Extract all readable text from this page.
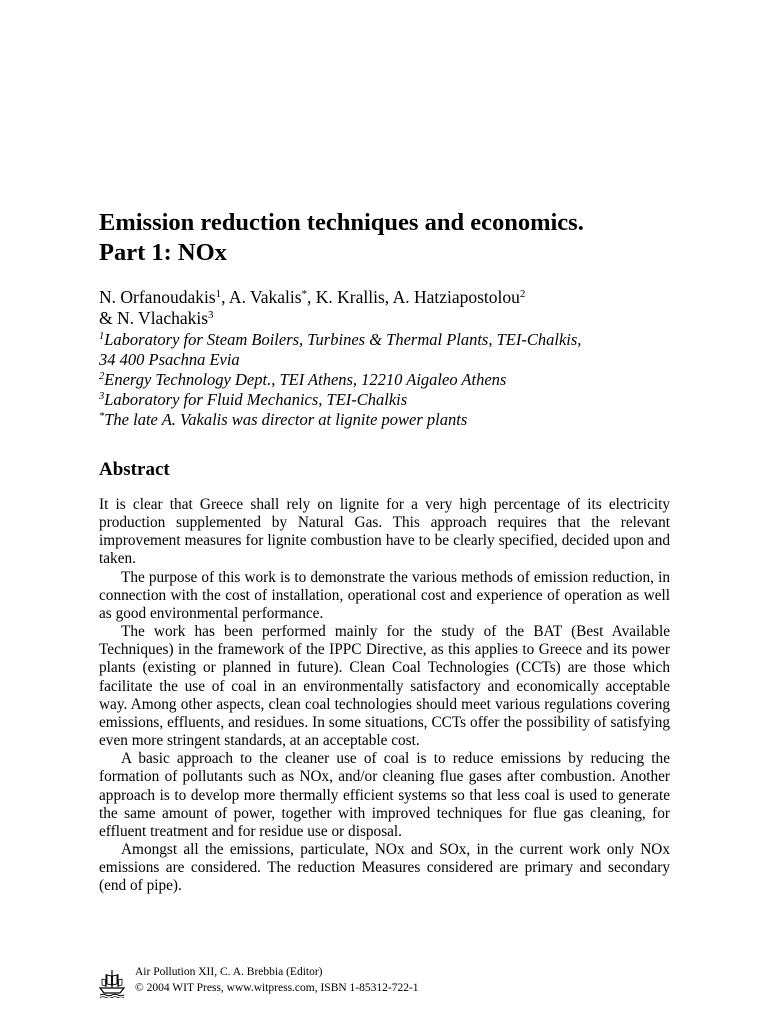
Emission reduction techniques and economics.
Part 1: NOx
N. Orfanoudakis$^1$, A. Vakalis*, K. Krallis, A. Hatziapostolou$^2$
& N. Vlachakis$^3$
$^1$Laboratory for Steam Boilers, Turbines & Thermal Plants, TEI-Chalkis,
34 400 Psachna Evia
$^2$Energy Technology Dept., TEI Athens, 12210 Aigaleo Athens
$^3$Laboratory for Fluid Mechanics, TEI-Chalkis
*The late A. Vakalis was director at lignite power plants
Abstract

It is clear that Greece shall rely on lignite for a very high percentage of its electricity production supplemented by Natural Gas. This approach requires that the relevant improvement measures for lignite combustion have to be clearly specified, decided upon and taken.

The purpose of this work is to demonstrate the various methods of emission reduction, in connection with the cost of installation, operational cost and experience of operation as well as good environmental performance.

The work has been performed mainly for the study of the BAT (Best Available Techniques) in the framework of the IPPC Directive, as this applies to Greece and its power plants (existing or planned in future). Clean Coal Technologies (CCTs) are those which facilitate the use of coal in an environmentally satisfactory and economically acceptable way. Among other aspects, clean coal technologies should meet various regulations covering emissions, effluents, and residues. In some situations, CCTs offer the possibility of satisfying even more stringent standards, at an acceptable cost.

A basic approach to the cleaner use of coal is to reduce emissions by reducing the formation of pollutants such as NOx, and/or cleaning flue gases after combustion. Another approach is to develop more thermally efficient systems so that less coal is used to generate the same amount of power, together with improved techniques for flue gas cleaning, for effluent treatment and for residue use or disposal.

Amongst all the emissions, particulate, NOx and SOx, in the current work only NOx emissions are considered. The reduction Measures considered are primary and secondary (end of pipe).

Air Pollution XII, C. A. Brebbia (Editor)
© 2004 WIT Press, www.witpress.com, ISBN 1-85312-722-1
